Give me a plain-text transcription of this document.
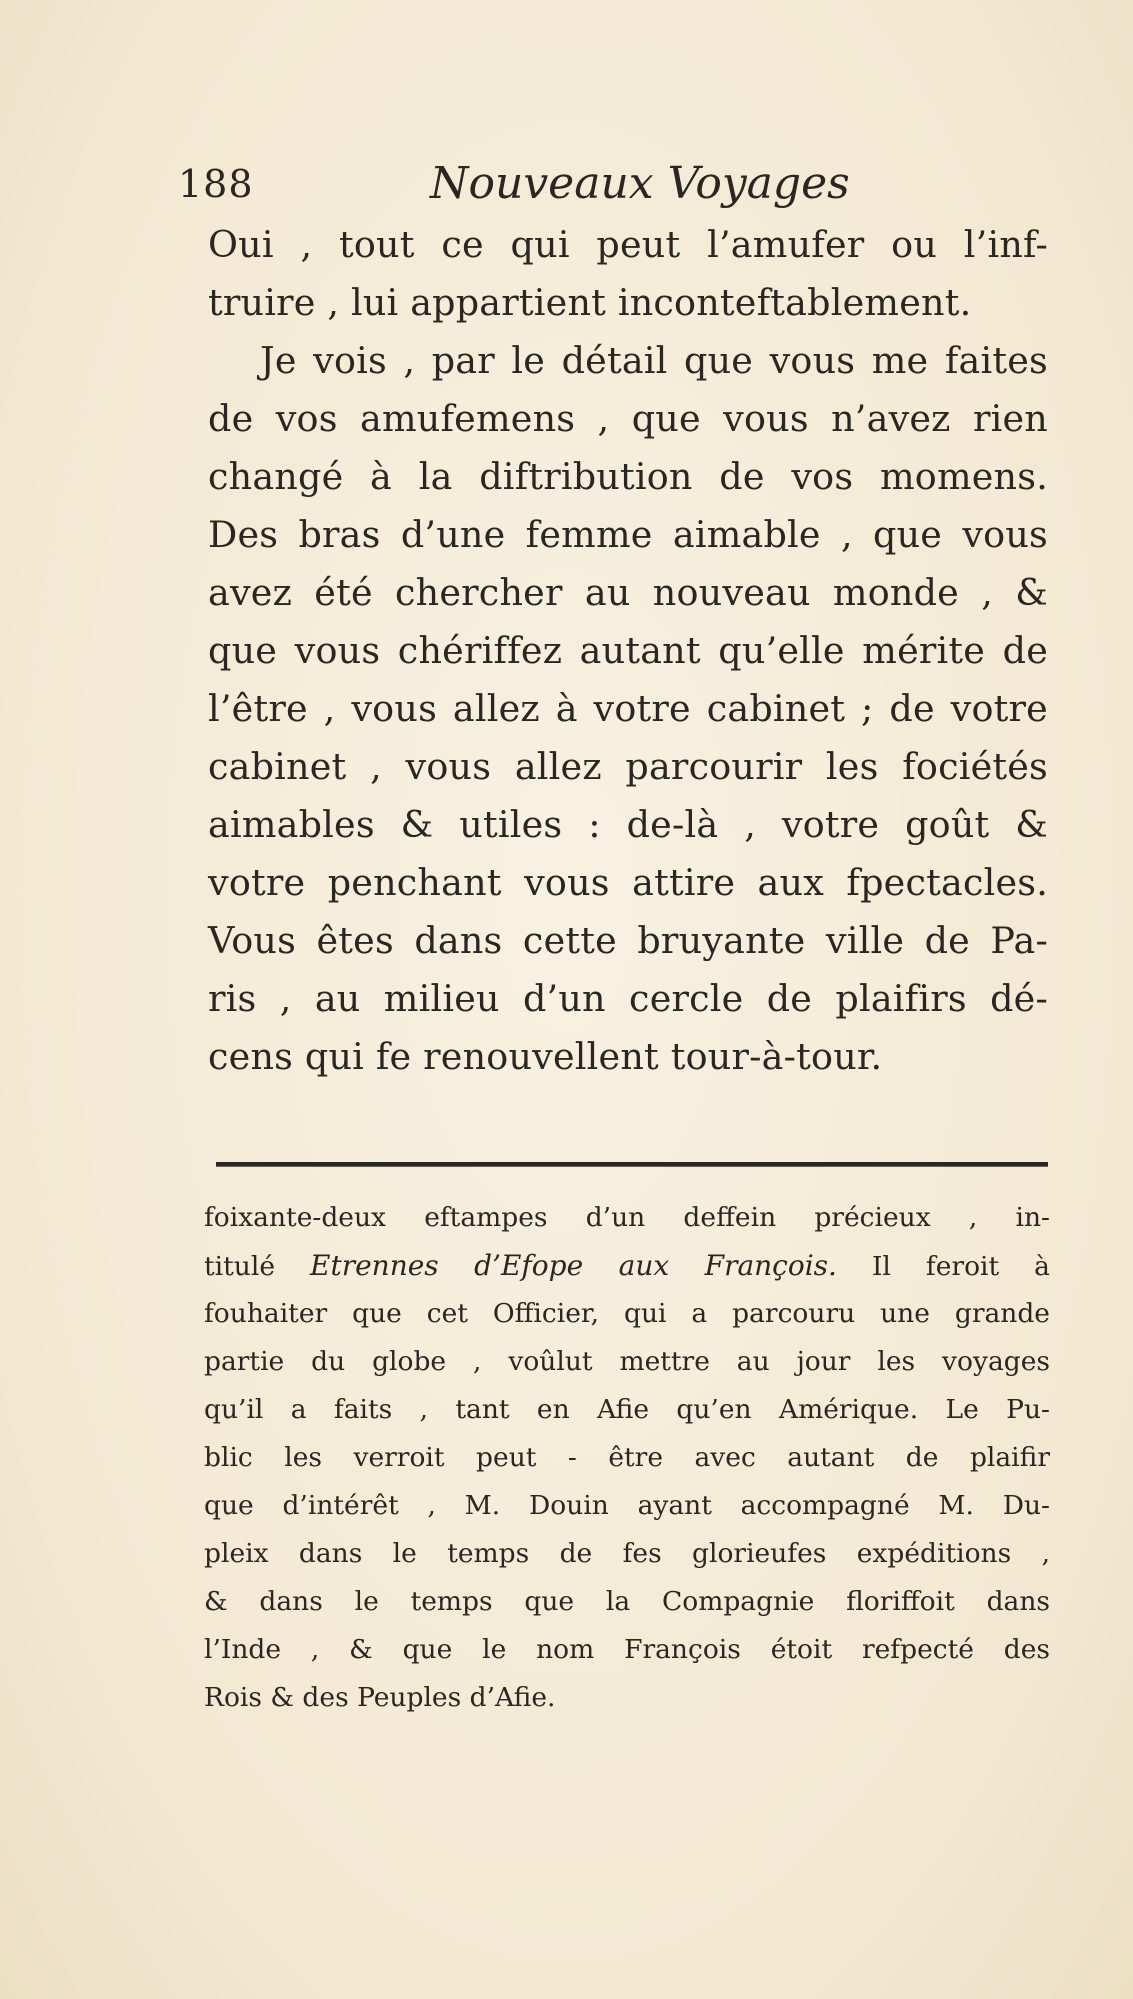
188	Nouveaux Voyages
Oui , tout ce qui peut l’amufer ou l’inf-
truire , lui appartient inconteftablement.
Je vois , par le détail que vous me faites
de vos amufemens , que vous n’avez rien
changé à la diftribution de vos momens.
Des bras d’une femme aimable , que vous
avez été chercher au nouveau monde , &
que vous chériffez autant qu’elle mérite de
l’être , vous allez à votre cabinet ; de votre
cabinet , vous allez parcourir les fociétés
aimables & utiles : de-là , votre goût &
votre penchant vous attire aux fpectacles.
Vous êtes dans cette bruyante ville de Pa-
ris , au milieu d’un cercle de plaifirs dé-
cens qui fe renouvellent tour-à-tour.
foixante-deux eftampes d’un deffein précieux , in-
titulé Etrennes d’Efope aux François. Il feroit à
fouhaiter que cet Officier, qui a parcouru une grande
partie du globe , voûlut mettre au jour les voyages
qu’il a faits , tant en Afie qu’en Amérique. Le Pu-
blic les verroit peut - être avec autant de plaifir
que d’intérêt , M. Douin ayant accompagné M. Du-
pleix dans le temps de fes glorieufes expéditions ,
& dans le temps que la Compagnie floriffoit dans
l’Inde , & que le nom François étoit refpecté des
Rois & des Peuples d’Afie.
